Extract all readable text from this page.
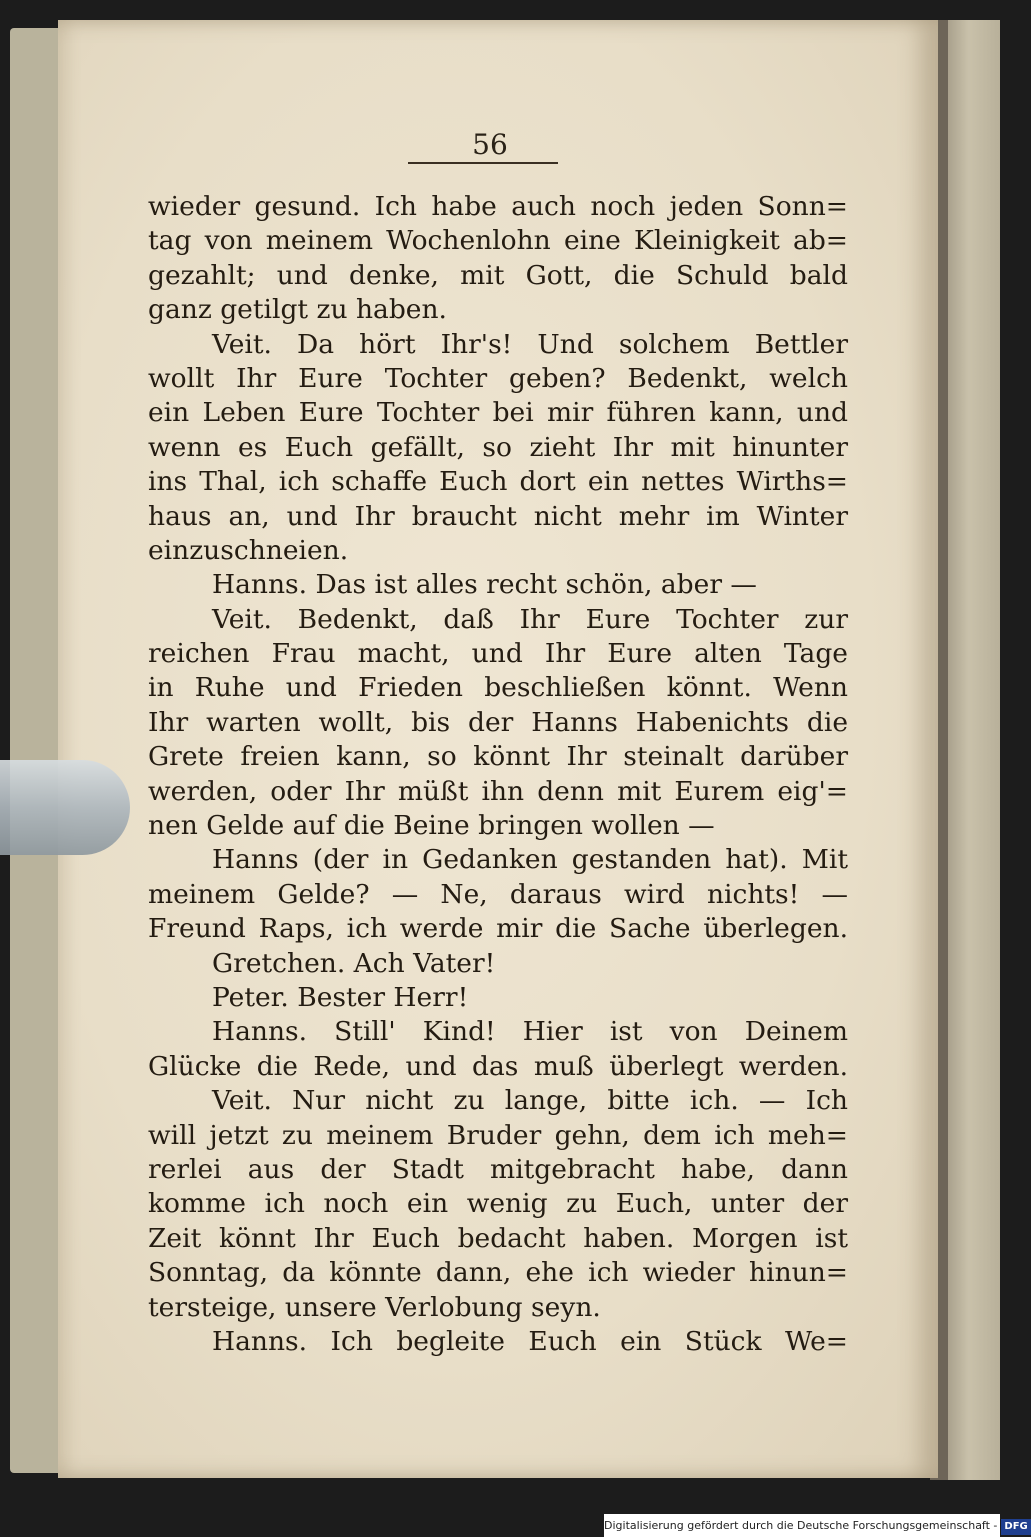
56
wieder gesund. Ich habe auch noch jeden Sonn=
tag von meinem Wochenlohn eine Kleinigkeit ab=
gezahlt; und denke, mit Gott, die Schuld bald
ganz getilgt zu haben.
Veit. Da hört Ihr's! Und solchem Bettler
wollt Ihr Eure Tochter geben? Bedenkt, welch
ein Leben Eure Tochter bei mir führen kann, und
wenn es Euch gefällt, so zieht Ihr mit hinunter
ins Thal, ich schaffe Euch dort ein nettes Wirths=
haus an, und Ihr braucht nicht mehr im Winter
einzuschneien.
Hanns. Das ist alles recht schön, aber —
Veit. Bedenkt, daß Ihr Eure Tochter zur
reichen Frau macht, und Ihr Eure alten Tage
in Ruhe und Frieden beschließen könnt. Wenn
Ihr warten wollt, bis der Hanns Habenichts die
Grete freien kann, so könnt Ihr steinalt darüber
werden, oder Ihr müßt ihn denn mit Eurem eig'=
nen Gelde auf die Beine bringen wollen —
Hanns (der in Gedanken gestanden hat). Mit
meinem Gelde? — Ne, daraus wird nichts! —
Freund Raps, ich werde mir die Sache überlegen.
Gretchen. Ach Vater!
Peter. Bester Herr!
Hanns. Still' Kind! Hier ist von Deinem
Glücke die Rede, und das muß überlegt werden.
Veit. Nur nicht zu lange, bitte ich. — Ich
will jetzt zu meinem Bruder gehn, dem ich meh=
rerlei aus der Stadt mitgebracht habe, dann
komme ich noch ein wenig zu Euch, unter der
Zeit könnt Ihr Euch bedacht haben. Morgen ist
Sonntag, da könnte dann, ehe ich wieder hinun=
tersteige, unsere Verlobung seyn.
Hanns. Ich begleite Euch ein Stück We=
Digitalisierung gefördert durch die Deutsche Forschungsgemeinschaft - DFG
